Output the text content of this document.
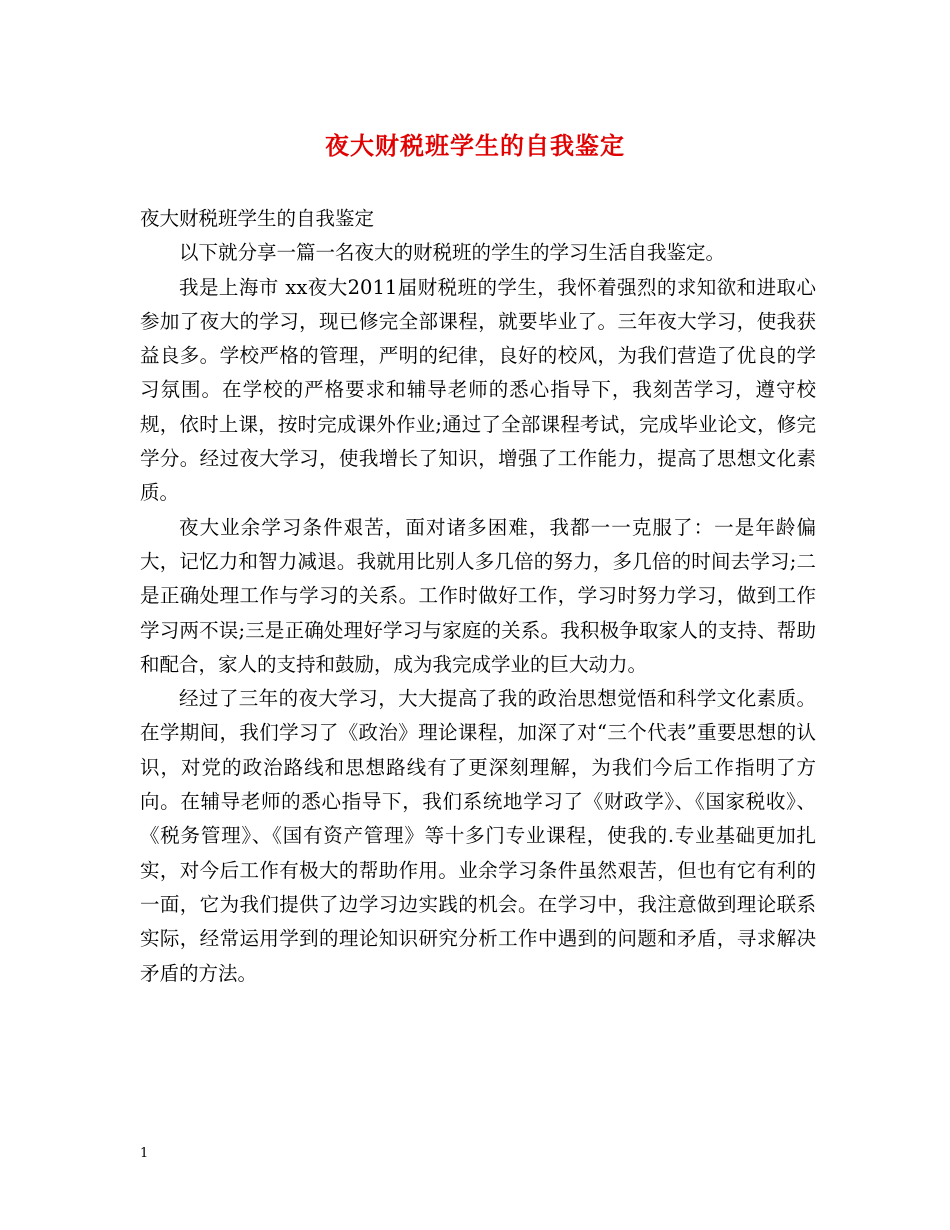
夜大财税班学生的自我鉴定

夜大财税班学生的自我鉴定

以下就分享一篇一名夜大的财税班的学生的学习生活自我鉴定。

我是上海市 xx夜大2011届财税班的学生，我怀着强烈的求知欲和进取心参加了夜大的学习，现已修完全部课程，就要毕业了。三年夜大学习，使我获益良多。学校严格的管理，严明的纪律，良好的校风，为我们营造了优良的学习氛围。在学校的严格要求和辅导老师的悉心指导下，我刻苦学习，遵守校规，依时上课，按时完成课外作业;通过了全部课程考试，完成毕业论文，修完学分。经过夜大学习，使我增长了知识，增强了工作能力，提高了思想文化素质。

夜大业余学习条件艰苦，面对诸多困难，我都一一克服了：一是年龄偏大，记忆力和智力减退。我就用比别人多几倍的努力，多几倍的时间去学习;二是正确处理工作与学习的关系。工作时做好工作，学习时努力学习，做到工作学习两不误;三是正确处理好学习与家庭的关系。我积极争取家人的支持、帮助和配合，家人的支持和鼓励，成为我完成学业的巨大动力。

经过了三年的夜大学习，大大提高了我的政治思想觉悟和科学文化素质。在学期间，我们学习了《政治》理论课程，加深了对“三个代表”重要思想的认识，对党的政治路线和思想路线有了更深刻理解，为我们今后工作指明了方向。在辅导老师的悉心指导下，我们系统地学习了《财政学》、《国家税收》、《税务管理》、《国有资产管理》等十多门专业课程，使我的.专业基础更加扎实，对今后工作有极大的帮助作用。业余学习条件虽然艰苦，但也有它有利的一面，它为我们提供了边学习边实践的机会。在学习中，我注意做到理论联系实际，经常运用学到的理论知识研究分析工作中遇到的问题和矛盾，寻求解决矛盾的方法。

1
